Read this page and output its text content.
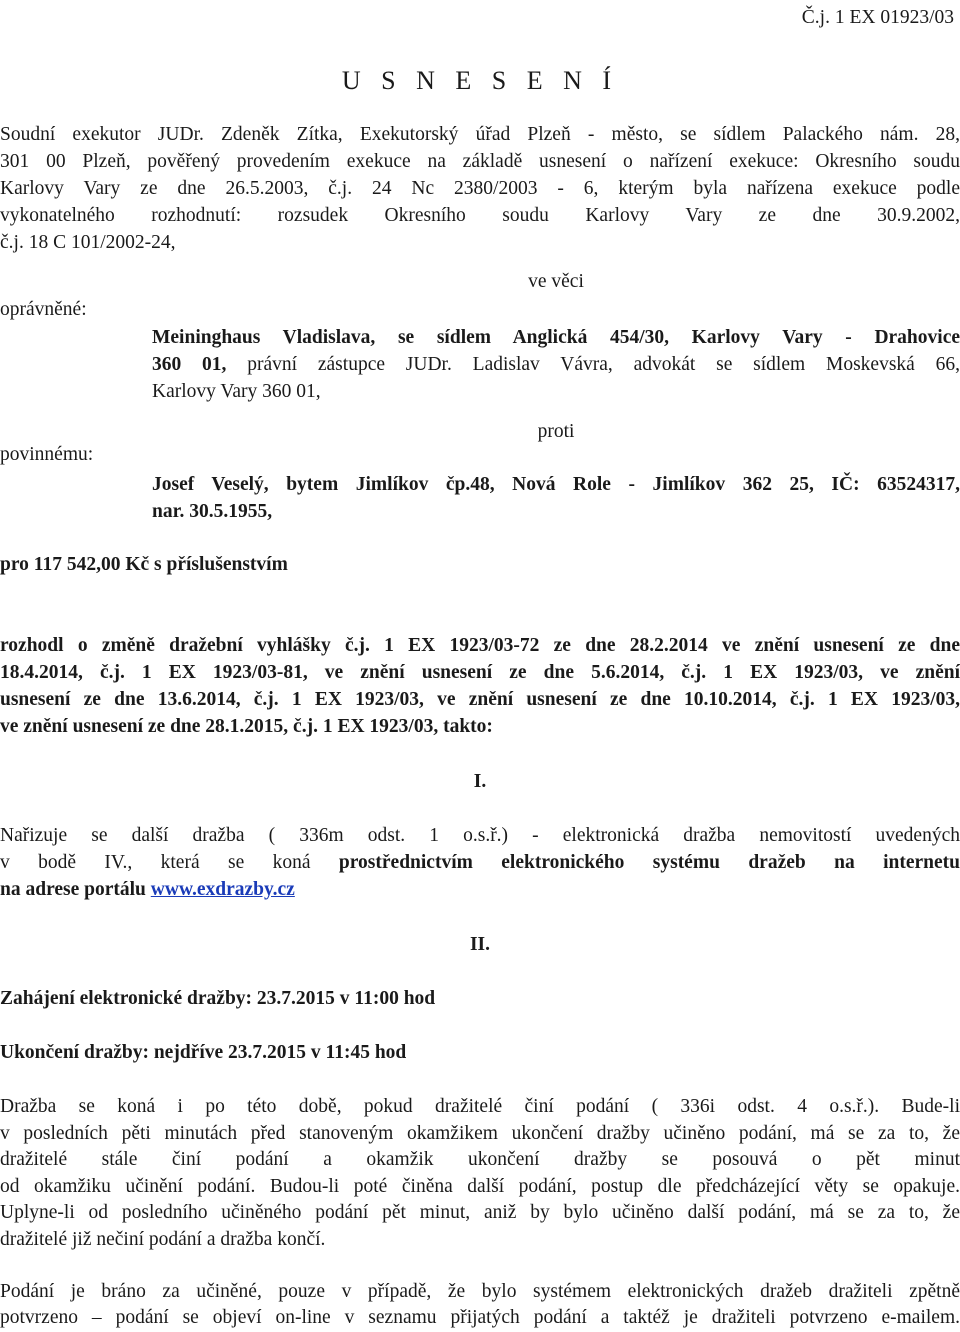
Č.j. 1 EX 01923/03
U S N E S E N Í
Soudní exekutor JUDr. Zdeněk Zítka, Exekutorský úřad Plzeň - město, se sídlem Palackého nám. 28,
301 00 Plzeň, pověřený provedením exekuce na základě usnesení o nařízení exekuce: Okresního soudu
Karlovy Vary ze dne 26.5.2003, č.j. 24 Nc 2380/2003 - 6, kterým byla nařízena exekuce podle
vykonatelného rozhodnutí: rozsudek Okresního soudu Karlovy Vary ze dne 30.9.2002,
č.j. 18 C 101/2002-24,
ve věci
oprávněné:
Meininghaus Vladislava, se sídlem Anglická 454/30, Karlovy Vary - Drahovice
360 01, právní zástupce JUDr. Ladislav Vávra, advokát se sídlem Moskevská 66,
Karlovy Vary 360 01,
proti
povinnému:
Josef Veselý, bytem Jimlíkov čp.48, Nová Role - Jimlíkov 362 25, IČ: 63524317,
nar. 30.5.1955,
pro 117 542,00 Kč s příslušenstvím
rozhodl o změně dražební vyhlášky č.j. 1 EX 1923/03-72 ze dne 28.2.2014 ve znění usnesení ze dne
18.4.2014, č.j. 1 EX 1923/03-81, ve znění usnesení ze dne 5.6.2014, č.j. 1 EX 1923/03, ve znění
usnesení ze dne 13.6.2014, č.j. 1 EX 1923/03, ve znění usnesení ze dne 10.10.2014, č.j. 1 EX 1923/03,
ve znění usnesení ze dne 28.1.2015, č.j. 1 EX 1923/03, takto:
I.
Nařizuje se další dražba ( 336m odst. 1 o.s.ř.) - elektronická dražba nemovitostí uvedených
v bodě IV., která se koná prostřednictvím elektronického systému dražeb na internetu
na adrese portálu www.exdrazby.cz
II.
Zahájení elektronické dražby: 23.7.2015 v 11:00 hod
Ukončení dražby: nejdříve 23.7.2015 v 11:45 hod
Dražba se koná i po této době, pokud dražitelé činí podání ( 336i odst. 4 o.s.ř.). Bude-li
v posledních pěti minutách před stanoveným okamžikem ukončení dražby učiněno podání, má se za to, že
dražitelé stále činí podání a okamžik ukončení dražby se posouvá o pět minut
od okamžiku učinění podání. Budou-li poté činěna další podání, postup dle předcházející věty se opakuje.
Uplyne-li od posledního učiněného podání pět minut, aniž by bylo učiněno další podání, má se za to, že
dražitelé již nečiní podání a dražba končí.
Podání je bráno za učiněné, pouze v případě, že bylo systémem elektronických dražeb dražiteli zpětně
potvrzeno – podání se objeví on-line v seznamu přijatých podání a taktéž je dražiteli potvrzeno e-mailem.
